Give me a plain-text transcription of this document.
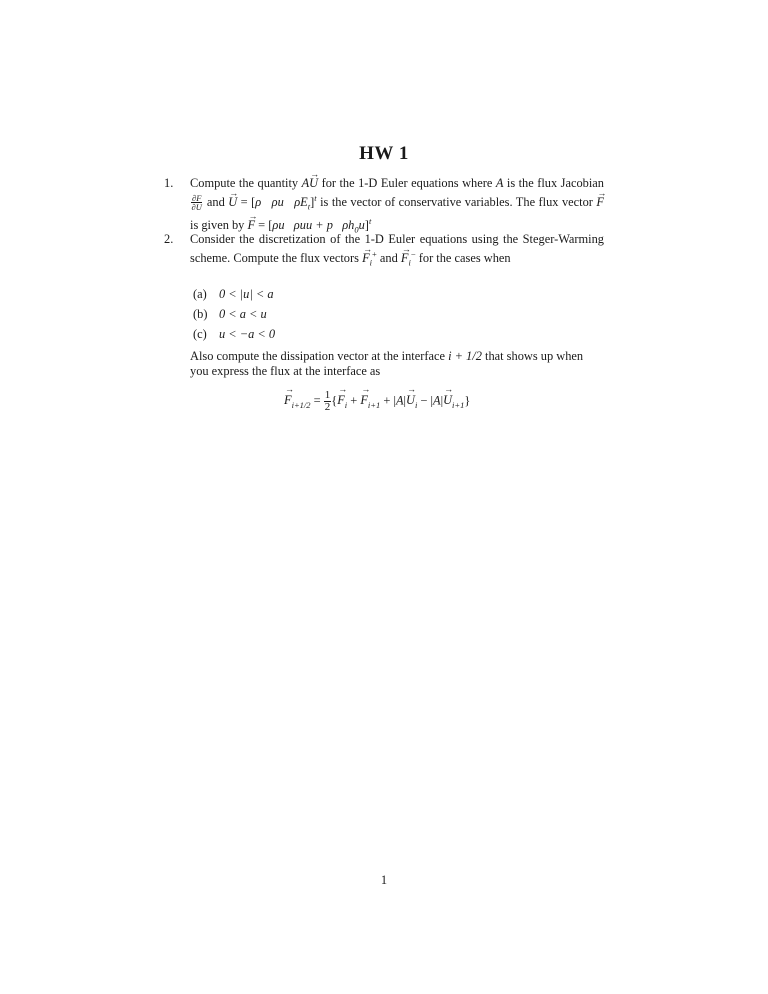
HW 1
1. Compute the quantity A→ U for the 1-D Euler equations where A is the flux Jacobian
$\frac{\partial F}{\partial U}$ and → U = [ρ   ρu   $\rho E_t]^t$ is the vector of conservative variables. The flux vector → F is given by → F = [ρu   ρuu + p   $\rho h_0u]^t$
2. Consider the discretization of the 1-D Euler equations using the Steger-Warming scheme. Compute the flux vectors → $F_i^+$ and → $F_i^-$ for the cases when
(a) 0 < |u| < a
(b) 0 < a < u
(c) u < −a < 0
Also compute the dissipation vector at the interface i + 1/2 that shows up when you express the flux at the interface as
→ $F_{i+1/2} = \frac{1}{2}$ {→ $F_i$ + → $F_{i+1} + |A|\to U_i - |A|\to U_{i+1}$}
1
